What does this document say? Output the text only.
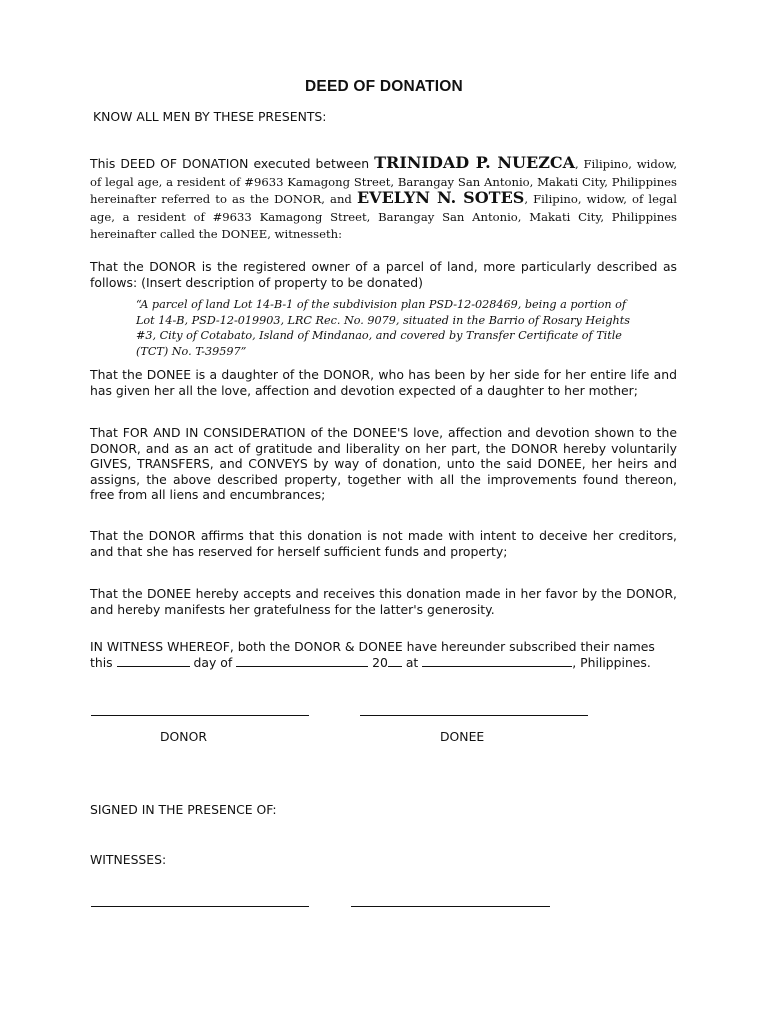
DEED OF DONATION
KNOW ALL MEN BY THESE PRESENTS:
This DEED OF DONATION executed between TRINIDAD P. NUEZCA, Filipino, widow, of legal age, a resident of #9633 Kamagong Street, Barangay San Antonio, Makati City, Philippines hereinafter referred to as the DONOR, and EVELYN N. SOTES, Filipino, widow, of legal age, a resident of #9633 Kamagong Street, Barangay San Antonio, Makati City, Philippines hereinafter called the DONEE, witnesseth:
That the DONOR is the registered owner of a parcel of land, more particularly described as follows: (Insert description of property to be donated)
“A parcel of land Lot 14-B-1 of the subdivision plan PSD-12-028469, being a portion of Lot 14-B, PSD-12-019903, LRC Rec. No. 9079, situated in the Barrio of Rosary Heights #3, City of Cotabato, Island of Mindanao, and covered by Transfer Certificate of Title (TCT) No. T-39597”
That the DONEE is a daughter of the DONOR, who has been by her side for her entire life and has given her all the love, affection and devotion expected of a daughter to her mother;
That FOR AND IN CONSIDERATION of the DONEE'S love, affection and devotion shown to the DONOR, and as an act of gratitude and liberality on her part, the DONOR hereby voluntarily GIVES, TRANSFERS, and CONVEYS by way of donation, unto the said DONEE, her heirs and assigns, the above described property, together with all the improvements found thereon, free from all liens and encumbrances;
That the DONOR affirms that this donation is not made with intent to deceive her creditors, and that she has reserved for herself sufficient funds and property;
That the DONEE hereby accepts and receives this donation made in her favor by the DONOR, and hereby manifests her gratefulness for the latter's generosity.
IN WITNESS WHEREOF, both the DONOR & DONEE have hereunder subscribed their names
this	day of	20 at	, Philippines.
DONOR	DONEE
SIGNED IN THE PRESENCE OF:
WITNESSES:
